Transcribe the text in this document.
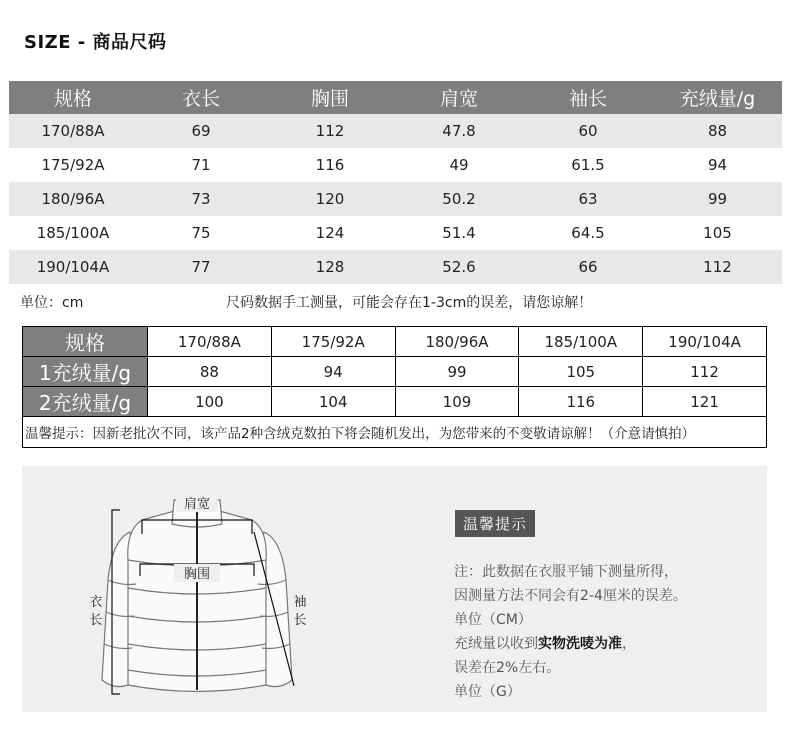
SIZE - 商品尺码
规格	衣长	胸围	肩宽	袖长	充绒量/g
170/88A	69	112	47.8	60	88
175/92A	71	116	49	61.5	94
180/96A	73	120	50.2	63	99
185/100A	75	124	51.4	64.5	105
190/104A	77	128	52.6	66	112
单位：cm	尺码数据手工测量，可能会存在1-3cm的误差，请您谅解！
规格	170/88A	175/92A	180/96A	185/100A	190/104A
1充绒量/g	88	94	99	105	112
2充绒量/g	100	104	109	116	121
温馨提示：因新老批次不同，该产品2种含绒克数拍下将会随机发出，为您带来的不变敬请谅解！（介意请慎拍）					
肩宽
胸围
衣
长
袖
长
温馨提示
注：此数据在衣服平铺下测量所得，
因测量方法不同会有2-4厘米的误差。
单位（CM）
充绒量以收到实物洗唛为准，
误差在2%左右。
单位（G）
